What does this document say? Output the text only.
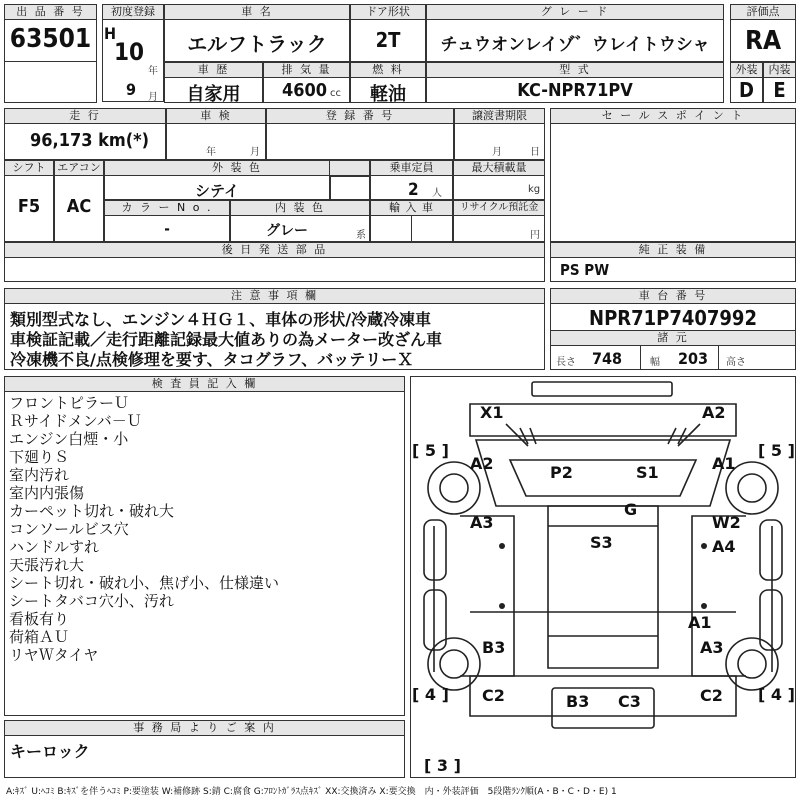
出 品 番 号
63501
初度登録
H
10
年
9 月
車 名
エルフトラック
ドア形状
2T
グ レ ー ド
チュウオンレイゾ゛ウレイトウシャ
評価点
RA
車 歴
自家用
排 気 量
4600 cc
燃 料
軽油
型 式
KC-NPR71PV
外装
D
内装
E
走 行
96,173 km(*)
車 検
年	月
登 録 番 号	譲渡書期限
月	日
セ ー ル ス ポ イ ン ト
シフト
F5
エアコン
AC
外 装 色
シテイ
乗車定員
2 人
最大積載量
kg
カ ラ ー N o .
-
内 装 色
グレー	系
輸 入 車	リサイクル預託金
円
後 日 発 送 部 品	純 正 装 備
PS PW
注 意 事 項 欄
類別型式なし、エンジン４ＨＧ１、車体の形状/冷蔵冷凍車
車検証記載／走行距離記録最大値ありの為メーター改ざん車
冷凍機不良/点検修理を要す、タコグラフ、バッテリーＸ
車 台 番 号
NPR71P7407992
諸 元
長さ 748	幅 203 高さ
検 査 員 記 入 欄
フロントピラーＵ
Ｒサイドメンバ－Ｕ
エンジン白煙・小
下廻りＳ
室内汚れ
室内内張傷
カーペット切れ・破れ大
コンソールビス穴
ハンドルすれ
天張汚れ大
シート切れ・破れ小、焦げ小、仕様違い
シートタバコ穴小、汚れ
看板有り
荷箱ＡＵ
リヤＷタイヤ
事 務 局 よ り ご 案 内
キーロック
X1	A2
A2	P2	S1	A1
G
A3	W2
S3	A4
A1
B3	A3
C2	B3 C3	C2
[ 5 ]	[ 5 ]
[ 4 ]	[ 4 ]
[ 3 ]
A:ｷｽﾞ U:ﾍｺﾐ B:ｷｽﾞを伴うﾍｺﾐ P:要塗装 W:補修跡 S:錆 C:腐食 G:ﾌﾛﾝﾄｶﾞﾗｽ点ｷｽﾞ XX:交換済み X:要交換　内・外装評価　5段階ﾗﾝｸ順(A・B・C・D・E) 1
